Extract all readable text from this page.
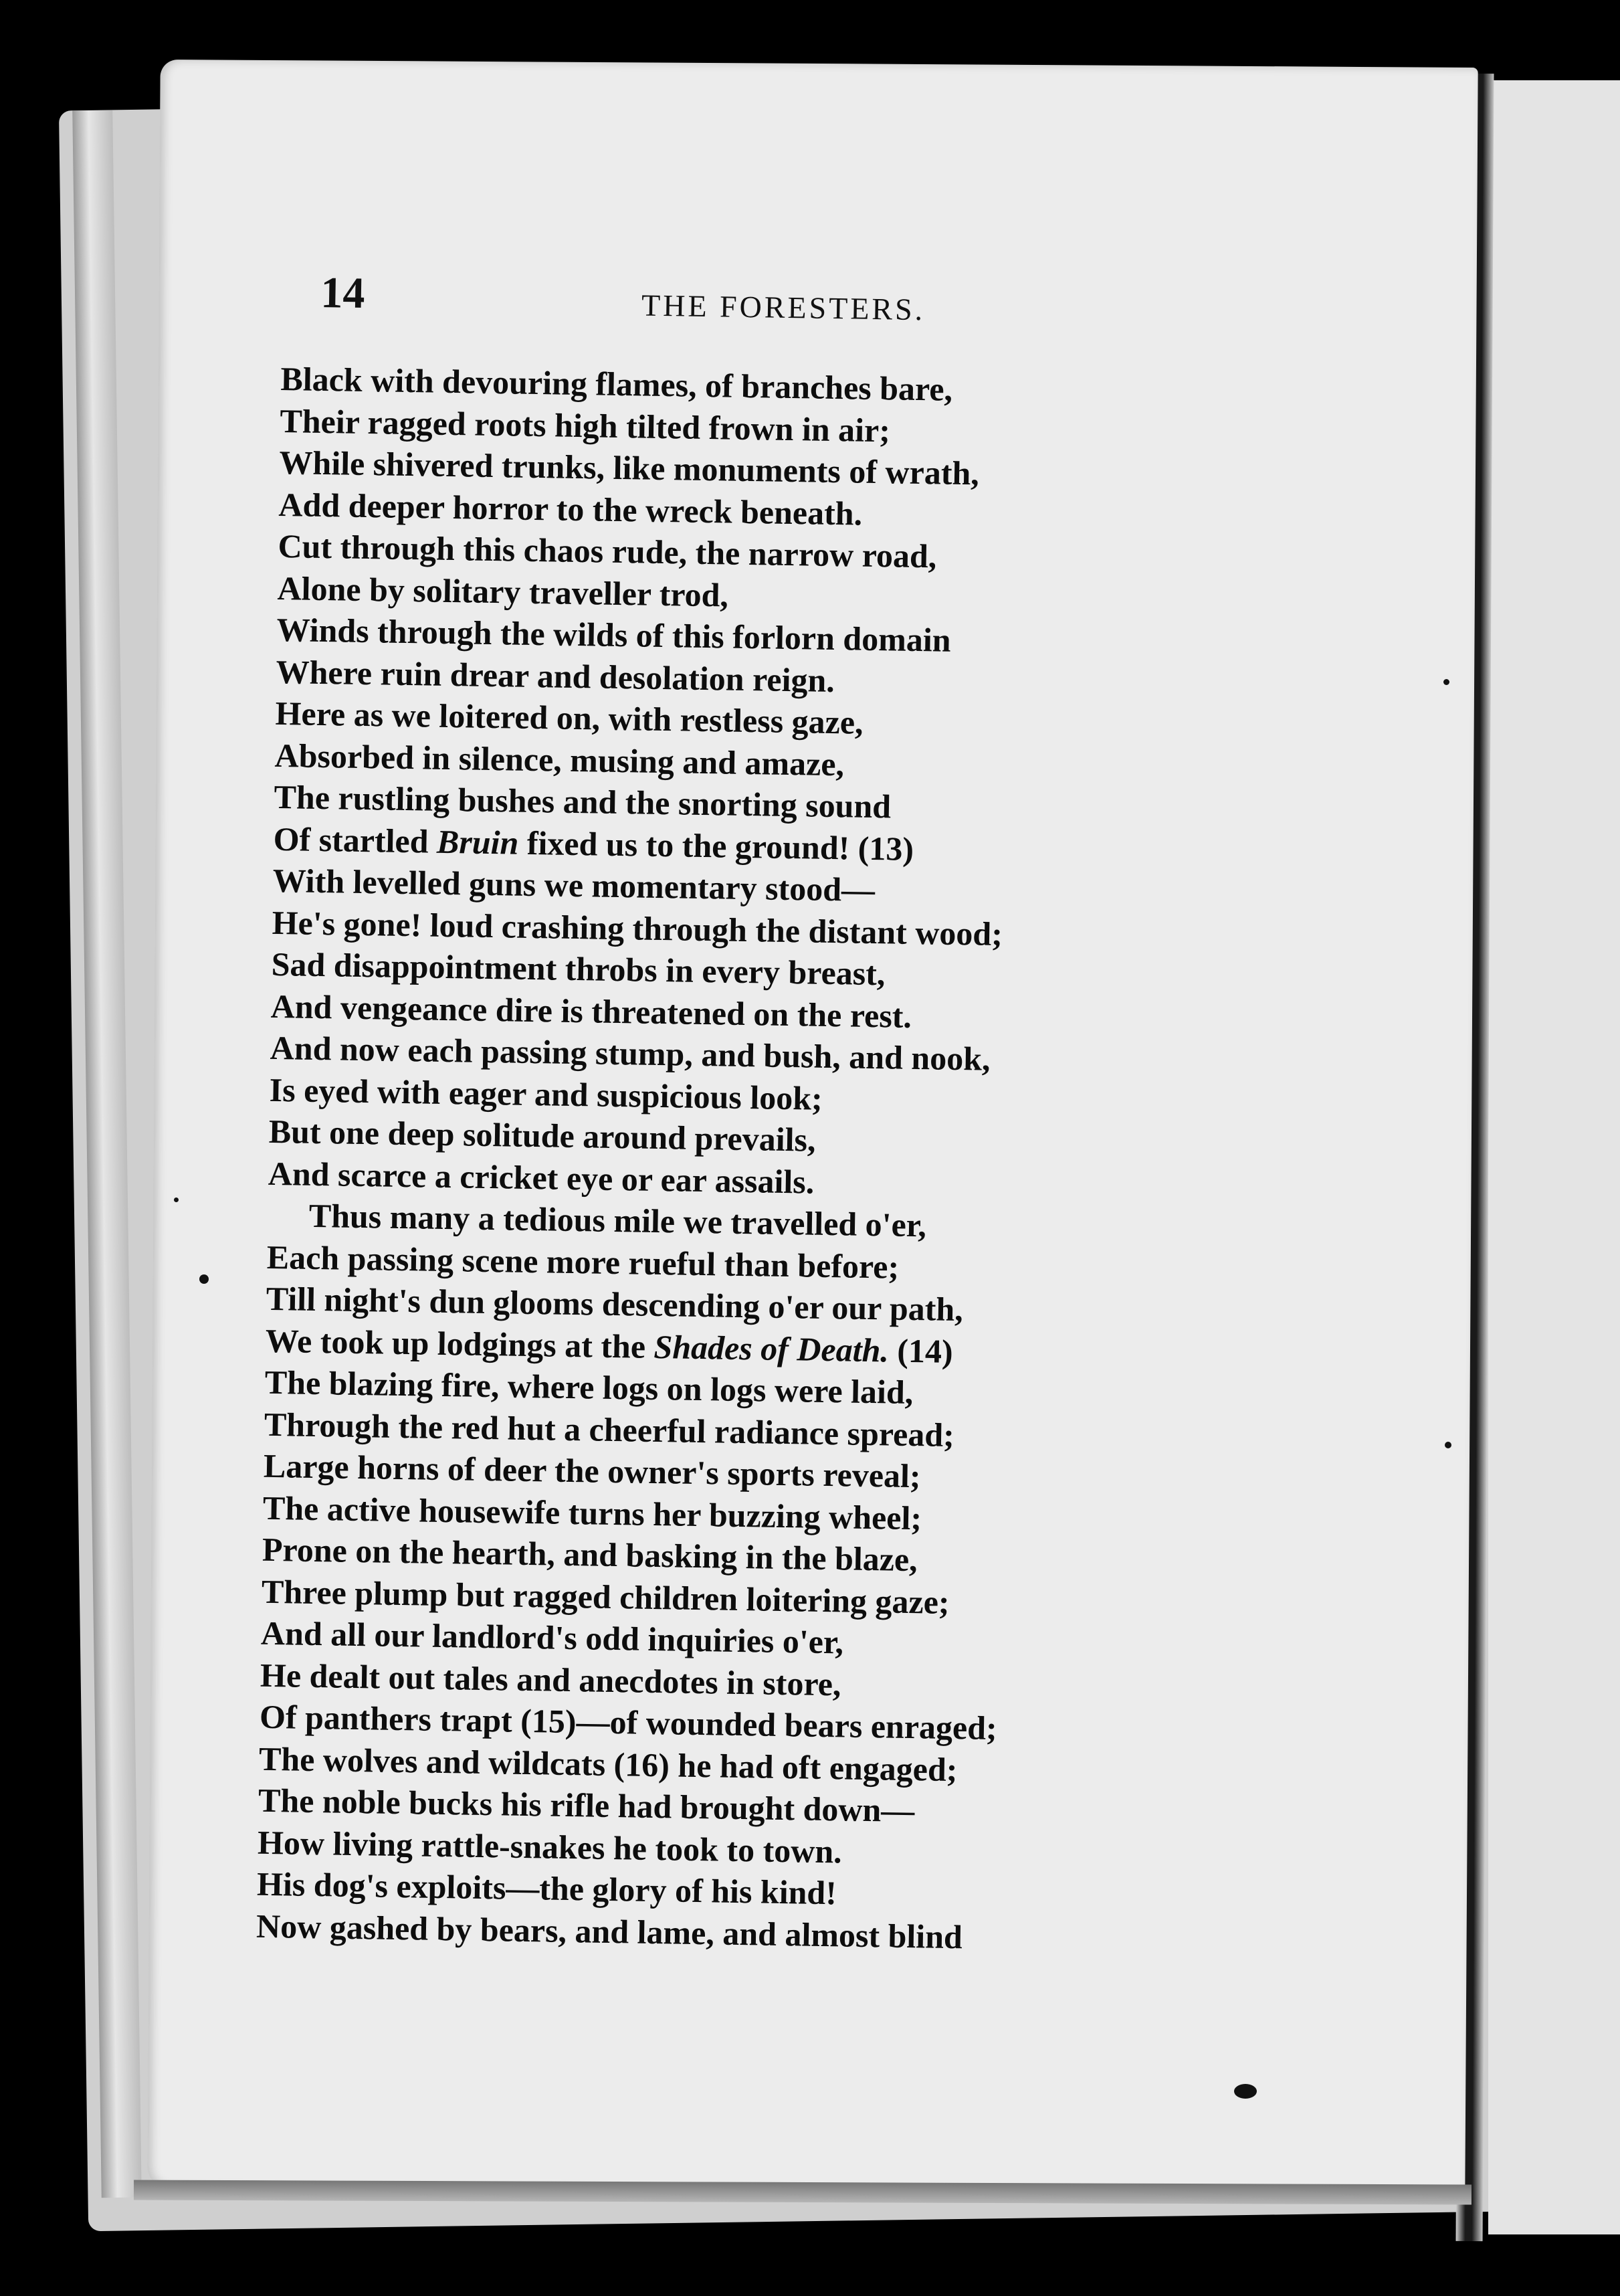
14	THE FORESTERS.
Black with devouring flames, of branches bare,
Their ragged roots high tilted frown in air;
While shivered trunks, like monuments of wrath,
Add deeper horror to the wreck beneath.
Cut through this chaos rude, the narrow road,
Alone by solitary traveller trod,
Winds through the wilds of this forlorn domain
Where ruin drear and desolation reign.
Here as we loitered on, with restless gaze,
Absorbed in silence, musing and amaze,
The rustling bushes and the snorting sound
Of startled Bruin fixed us to the ground! (13)
With levelled guns we momentary stood—
He's gone! loud crashing through the distant wood;
Sad disappointment throbs in every breast,
And vengeance dire is threatened on the rest.
And now each passing stump, and bush, and nook,
Is eyed with eager and suspicious look;
But one deep solitude around prevails,
And scarce a cricket eye or ear assails.
Thus many a tedious mile we travelled o'er,
Each passing scene more rueful than before;
Till night's dun glooms descending o'er our path,
We took up lodgings at the Shades of Death. (14)
The blazing fire, where logs on logs were laid,
Through the red hut a cheerful radiance spread;
Large horns of deer the owner's sports reveal;
The active housewife turns her buzzing wheel;
Prone on the hearth, and basking in the blaze,
Three plump but ragged children loitering gaze;
And all our landlord's odd inquiries o'er,
He dealt out tales and anecdotes in store,
Of panthers trapt (15)—of wounded bears enraged;
The wolves and wildcats (16) he had oft engaged;
The noble bucks his rifle had brought down—
How living rattle-snakes he took to town.
His dog's exploits—the glory of his kind!
Now gashed by bears, and lame, and almost blind
